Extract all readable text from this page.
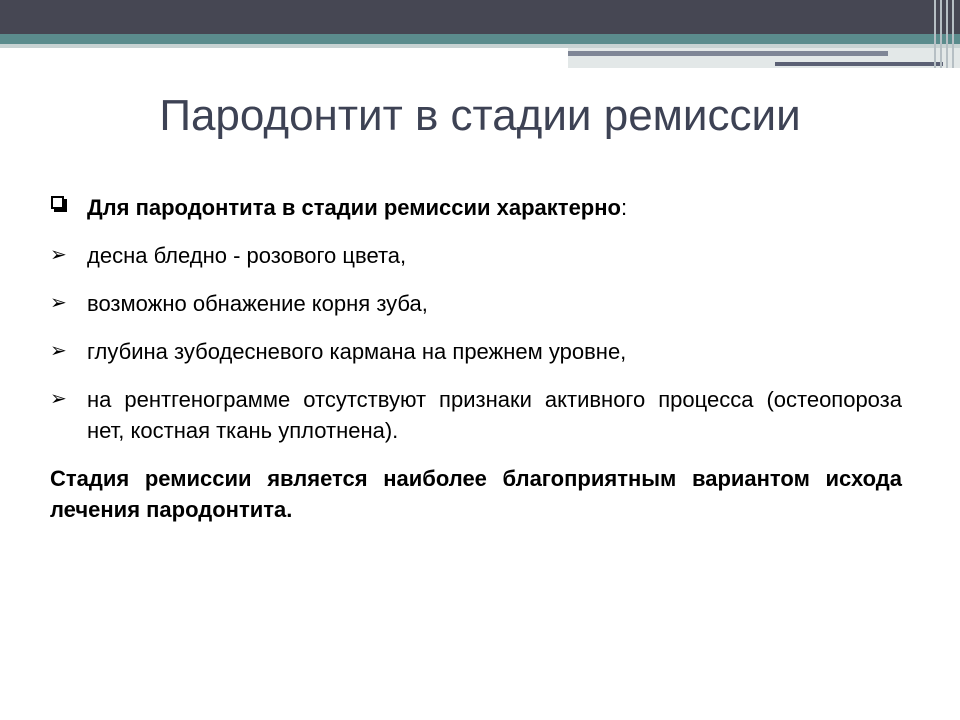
Пародонтит в стадии ремиссии
Для пародонтита в стадии ремиссии характерно:
➢ десна бледно - розового цвета,
➢ возможно обнажение корня зуба,
➢ глубина зубодесневого кармана на прежнем уровне,
➢ на рентгенограмме отсутствуют признаки активного процесса (остеопороза нет, костная ткань уплотнена).
Стадия ремиссии является наиболее благоприятным вариантом исхода лечения пародонтита.
